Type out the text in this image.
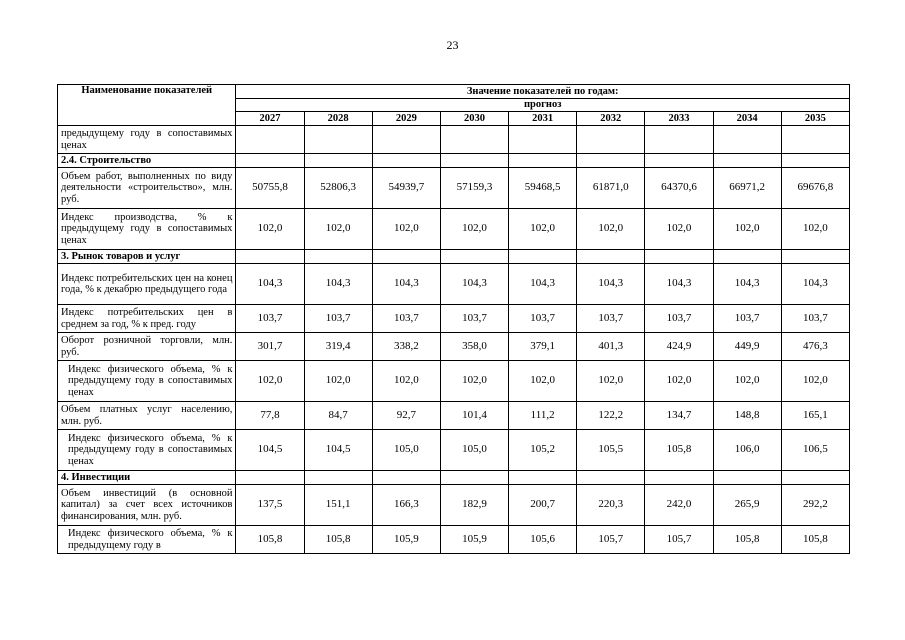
23
Наименование показателей	Значение показателей по годам:								
	прогноз								
	2027	2028	2029	2030	2031	2032	2033	2034	2035
предыдущему году в сопоставимых ценах									
2.4. Строительство									
Объем работ, выполненных по виду деятельности «строительство», млн. руб.	50755,8	52806,3	54939,7	57159,3	59468,5	61871,0	64370,6	66971,2	69676,8
Индекс производства, % к предыдущему году в сопоставимых ценах	102,0	102,0	102,0	102,0	102,0	102,0	102,0	102,0	102,0
3. Рынок товаров и услуг									
Индекс потребительских цен на конец года, % к декабрю предыдущего года	104,3	104,3	104,3	104,3	104,3	104,3	104,3	104,3	104,3
Индекс потребительских цен в среднем за год, % к пред. году	103,7	103,7	103,7	103,7	103,7	103,7	103,7	103,7	103,7
Оборот розничной торговли, млн. руб.	301,7	319,4	338,2	358,0	379,1	401,3	424,9	449,9	476,3
Индекс физического объема, % к предыдущему году в сопоставимых ценах	102,0	102,0	102,0	102,0	102,0	102,0	102,0	102,0	102,0
Объем платных услуг населению, млн. руб.	77,8	84,7	92,7	101,4	111,2	122,2	134,7	148,8	165,1
Индекс физического объема, % к предыдущему году в сопоставимых ценах	104,5	104,5	105,0	105,0	105,2	105,5	105,8	106,0	106,5
4. Инвестиции									
Объем инвестиций (в основной капитал) за счет всех источников финансирования, млн. руб.	137,5	151,1	166,3	182,9	200,7	220,3	242,0	265,9	292,2
Индекс физического объема, % к предыдущему году в	105,8	105,8	105,9	105,9	105,6	105,7	105,7	105,8	105,8
